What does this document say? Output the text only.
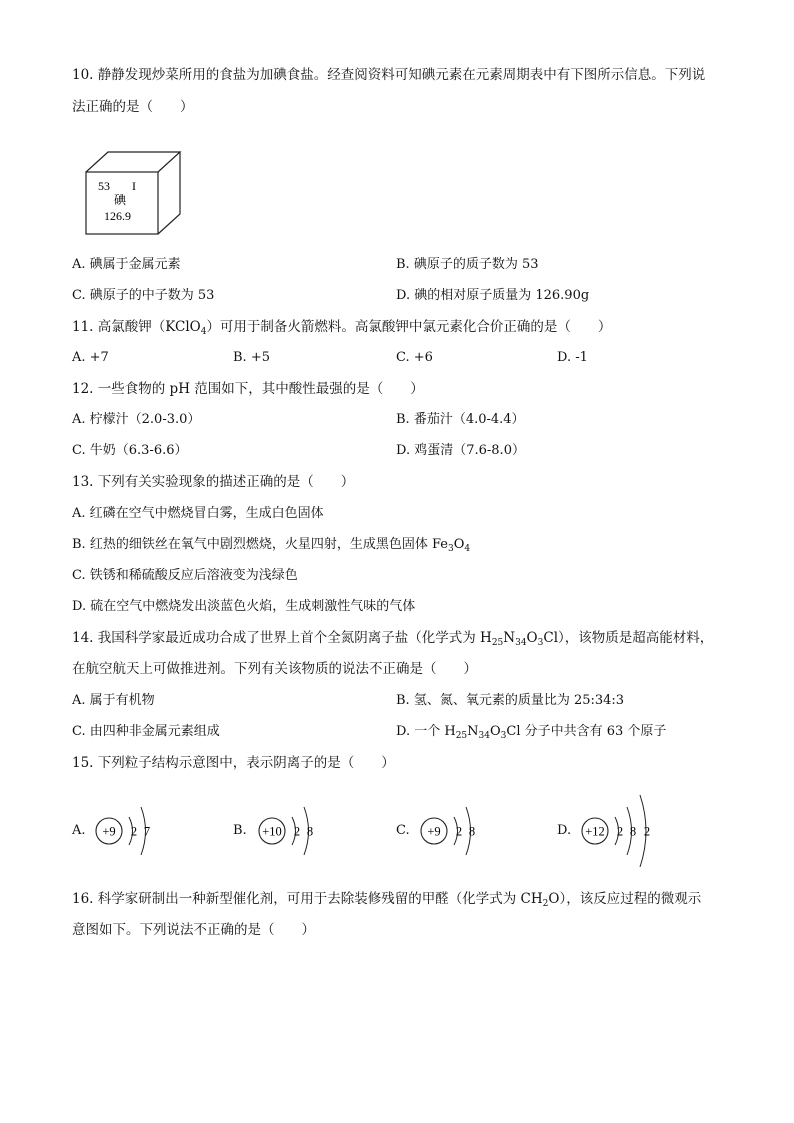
10. 静静发现炒菜所用的食盐为加碘食盐。经查阅资料可知碘元素在元素周期表中有下图所示信息。下列说
法正确的是（　　）
53 I
碘
126.9
A. 碘属于金属元素	B. 碘原子的质子数为 53
C. 碘原子的中子数为 53	D. 碘的相对原子质量为 126.90g
11. 高氯酸钾（KClO$_4$）可用于制备火箭燃料。高氯酸钾中氯元素化合价正确的是（　　）
A. +7	B. +5	C. +6	D. -1
12. 一些食物的 pH 范围如下，其中酸性最强的是（　　）
A. 柠檬汁（2.0-3.0）	B. 番茄汁（4.0-4.4）
C. 牛奶（6.3-6.6）	D. 鸡蛋清（7.6-8.0）
13. 下列有关实验现象的描述正确的是（　　）
A. 红磷在空气中燃烧冒白雾，生成白色固体
B. 红热的细铁丝在氧气中剧烈燃烧，火星四射，生成黑色固体 $Fe_3O_4$
C. 铁锈和稀硫酸反应后溶液变为浅绿色
D. 硫在空气中燃烧发出淡蓝色火焰，生成刺激性气味的气体
14. 我国科学家最近成功合成了世界上首个全氮阴离子盐（化学式为 $H_{25}N_{34}O_3Cl$），该物质是超高能材料，
在航空航天上可做推进剂。下列有关该物质的说法不正确是（　　）
A. 属于有机物	B. 氢、氮、氧元素的质量比为 25:34:3
C. 由四种非金属元素组成	D. 一个 $H_{25}N_{34}O_3Cl$ 分子中共含有 63 个原子
15. 下列粒子结构示意图中，表示阴离子的是（　　）
A. +9 2 7	B. +10 2 8	C. +9 2 8	D. +12 2 8 2
16. 科学家研制出一种新型催化剂，可用于去除装修残留的甲醛（化学式为 $CH_2O$），该反应过程的微观示
意图如下。下列说法不正确的是（　　）
